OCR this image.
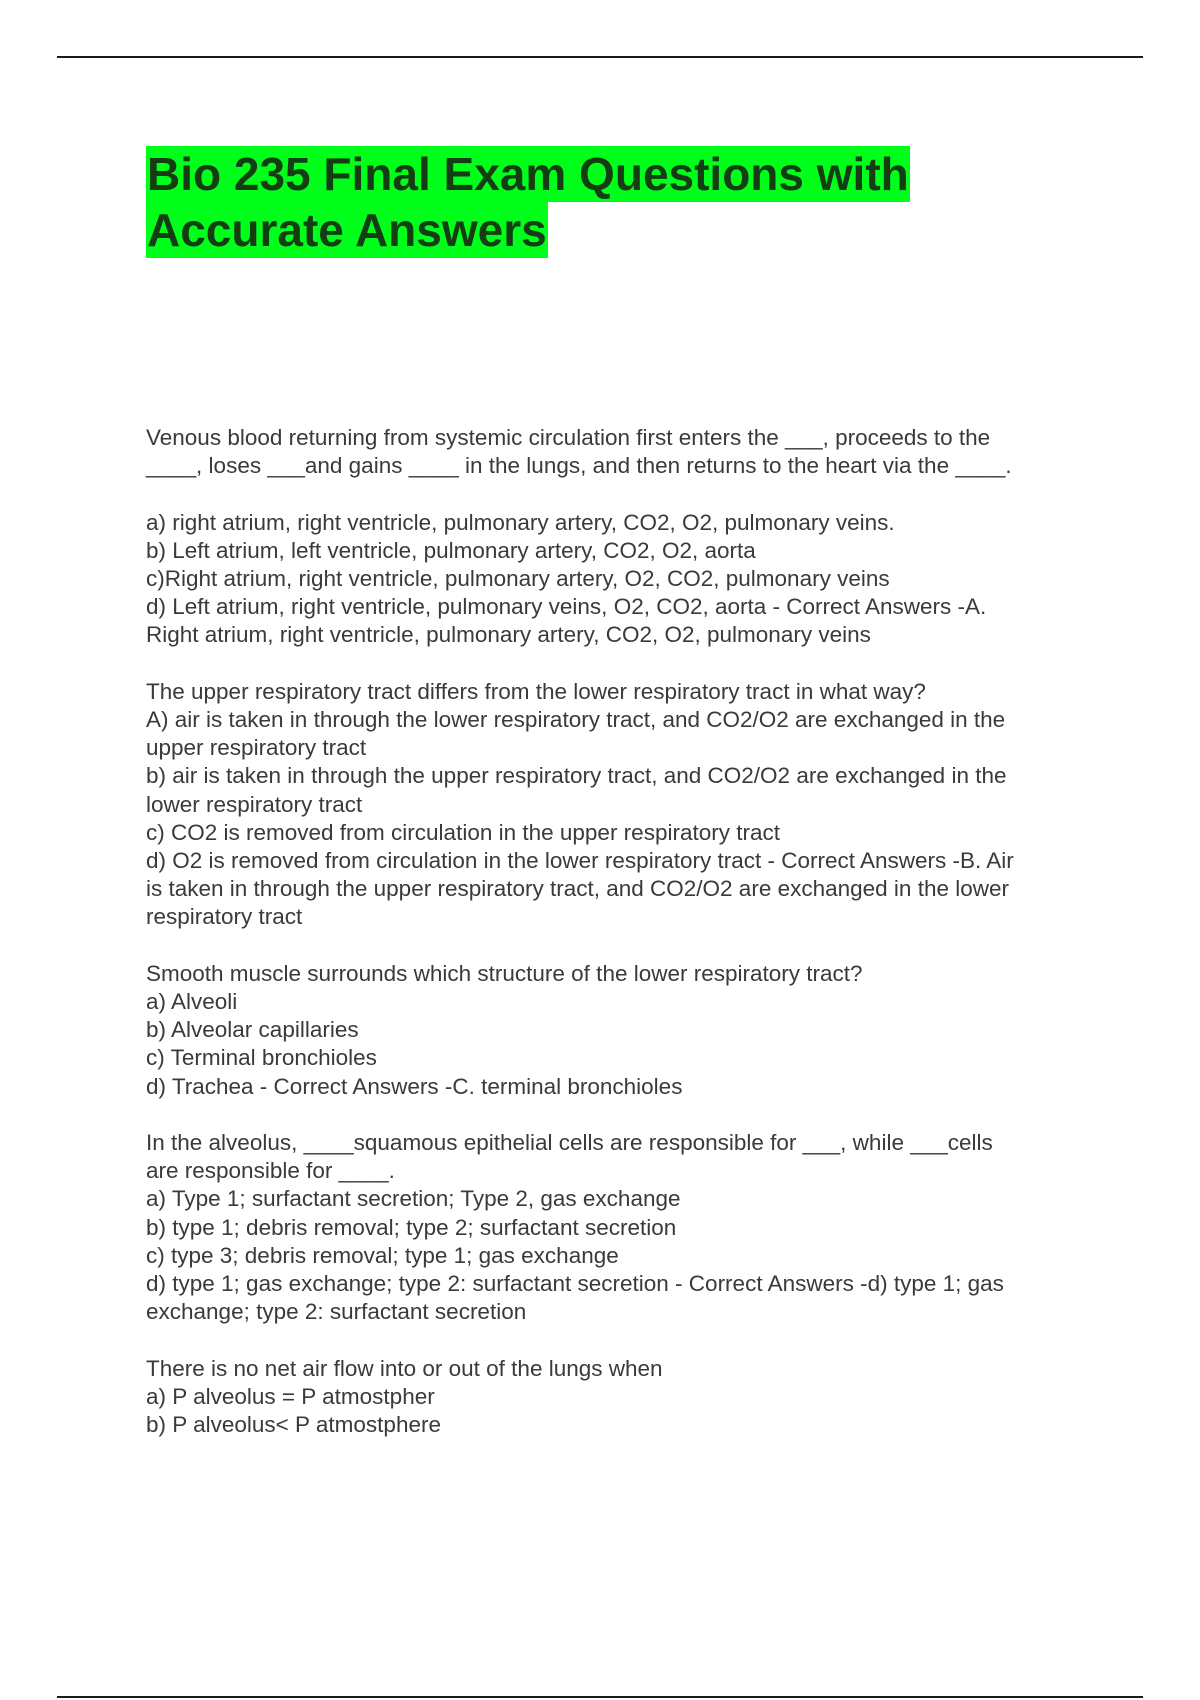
Bio 235 Final Exam Questions with
Accurate Answers
Venous blood returning from systemic circulation first enters the ___, proceeds to the
____, loses ___and gains ____ in the lungs, and then returns to the heart via the ____.
a) right atrium, right ventricle, pulmonary artery, CO2, O2, pulmonary veins.
b) Left atrium, left ventricle, pulmonary artery, CO2, O2, aorta
c)Right atrium, right ventricle, pulmonary artery, O2, CO2, pulmonary veins
d) Left atrium, right ventricle, pulmonary veins, O2, CO2, aorta - Correct Answers -A.
Right atrium, right ventricle, pulmonary artery, CO2, O2, pulmonary veins
The upper respiratory tract differs from the lower respiratory tract in what way?
A) air is taken in through the lower respiratory tract, and CO2/O2 are exchanged in the
upper respiratory tract
b) air is taken in through the upper respiratory tract, and CO2/O2 are exchanged in the
lower respiratory tract
c) CO2 is removed from circulation in the upper respiratory tract
d) O2 is removed from circulation in the lower respiratory tract - Correct Answers -B. Air
is taken in through the upper respiratory tract, and CO2/O2 are exchanged in the lower
respiratory tract
Smooth muscle surrounds which structure of the lower respiratory tract?
a) Alveoli
b) Alveolar capillaries
c) Terminal bronchioles
d) Trachea - Correct Answers -C. terminal bronchioles
In the alveolus, ____squamous epithelial cells are responsible for ___, while ___cells
are responsible for ____.
a) Type 1; surfactant secretion; Type 2, gas exchange
b) type 1; debris removal; type 2; surfactant secretion
c) type 3; debris removal; type 1; gas exchange
d) type 1; gas exchange; type 2: surfactant secretion - Correct Answers -d) type 1; gas
exchange; type 2: surfactant secretion
There is no net air flow into or out of the lungs when
a) P alveolus = P atmostpher
b) P alveolus< P atmostphere
